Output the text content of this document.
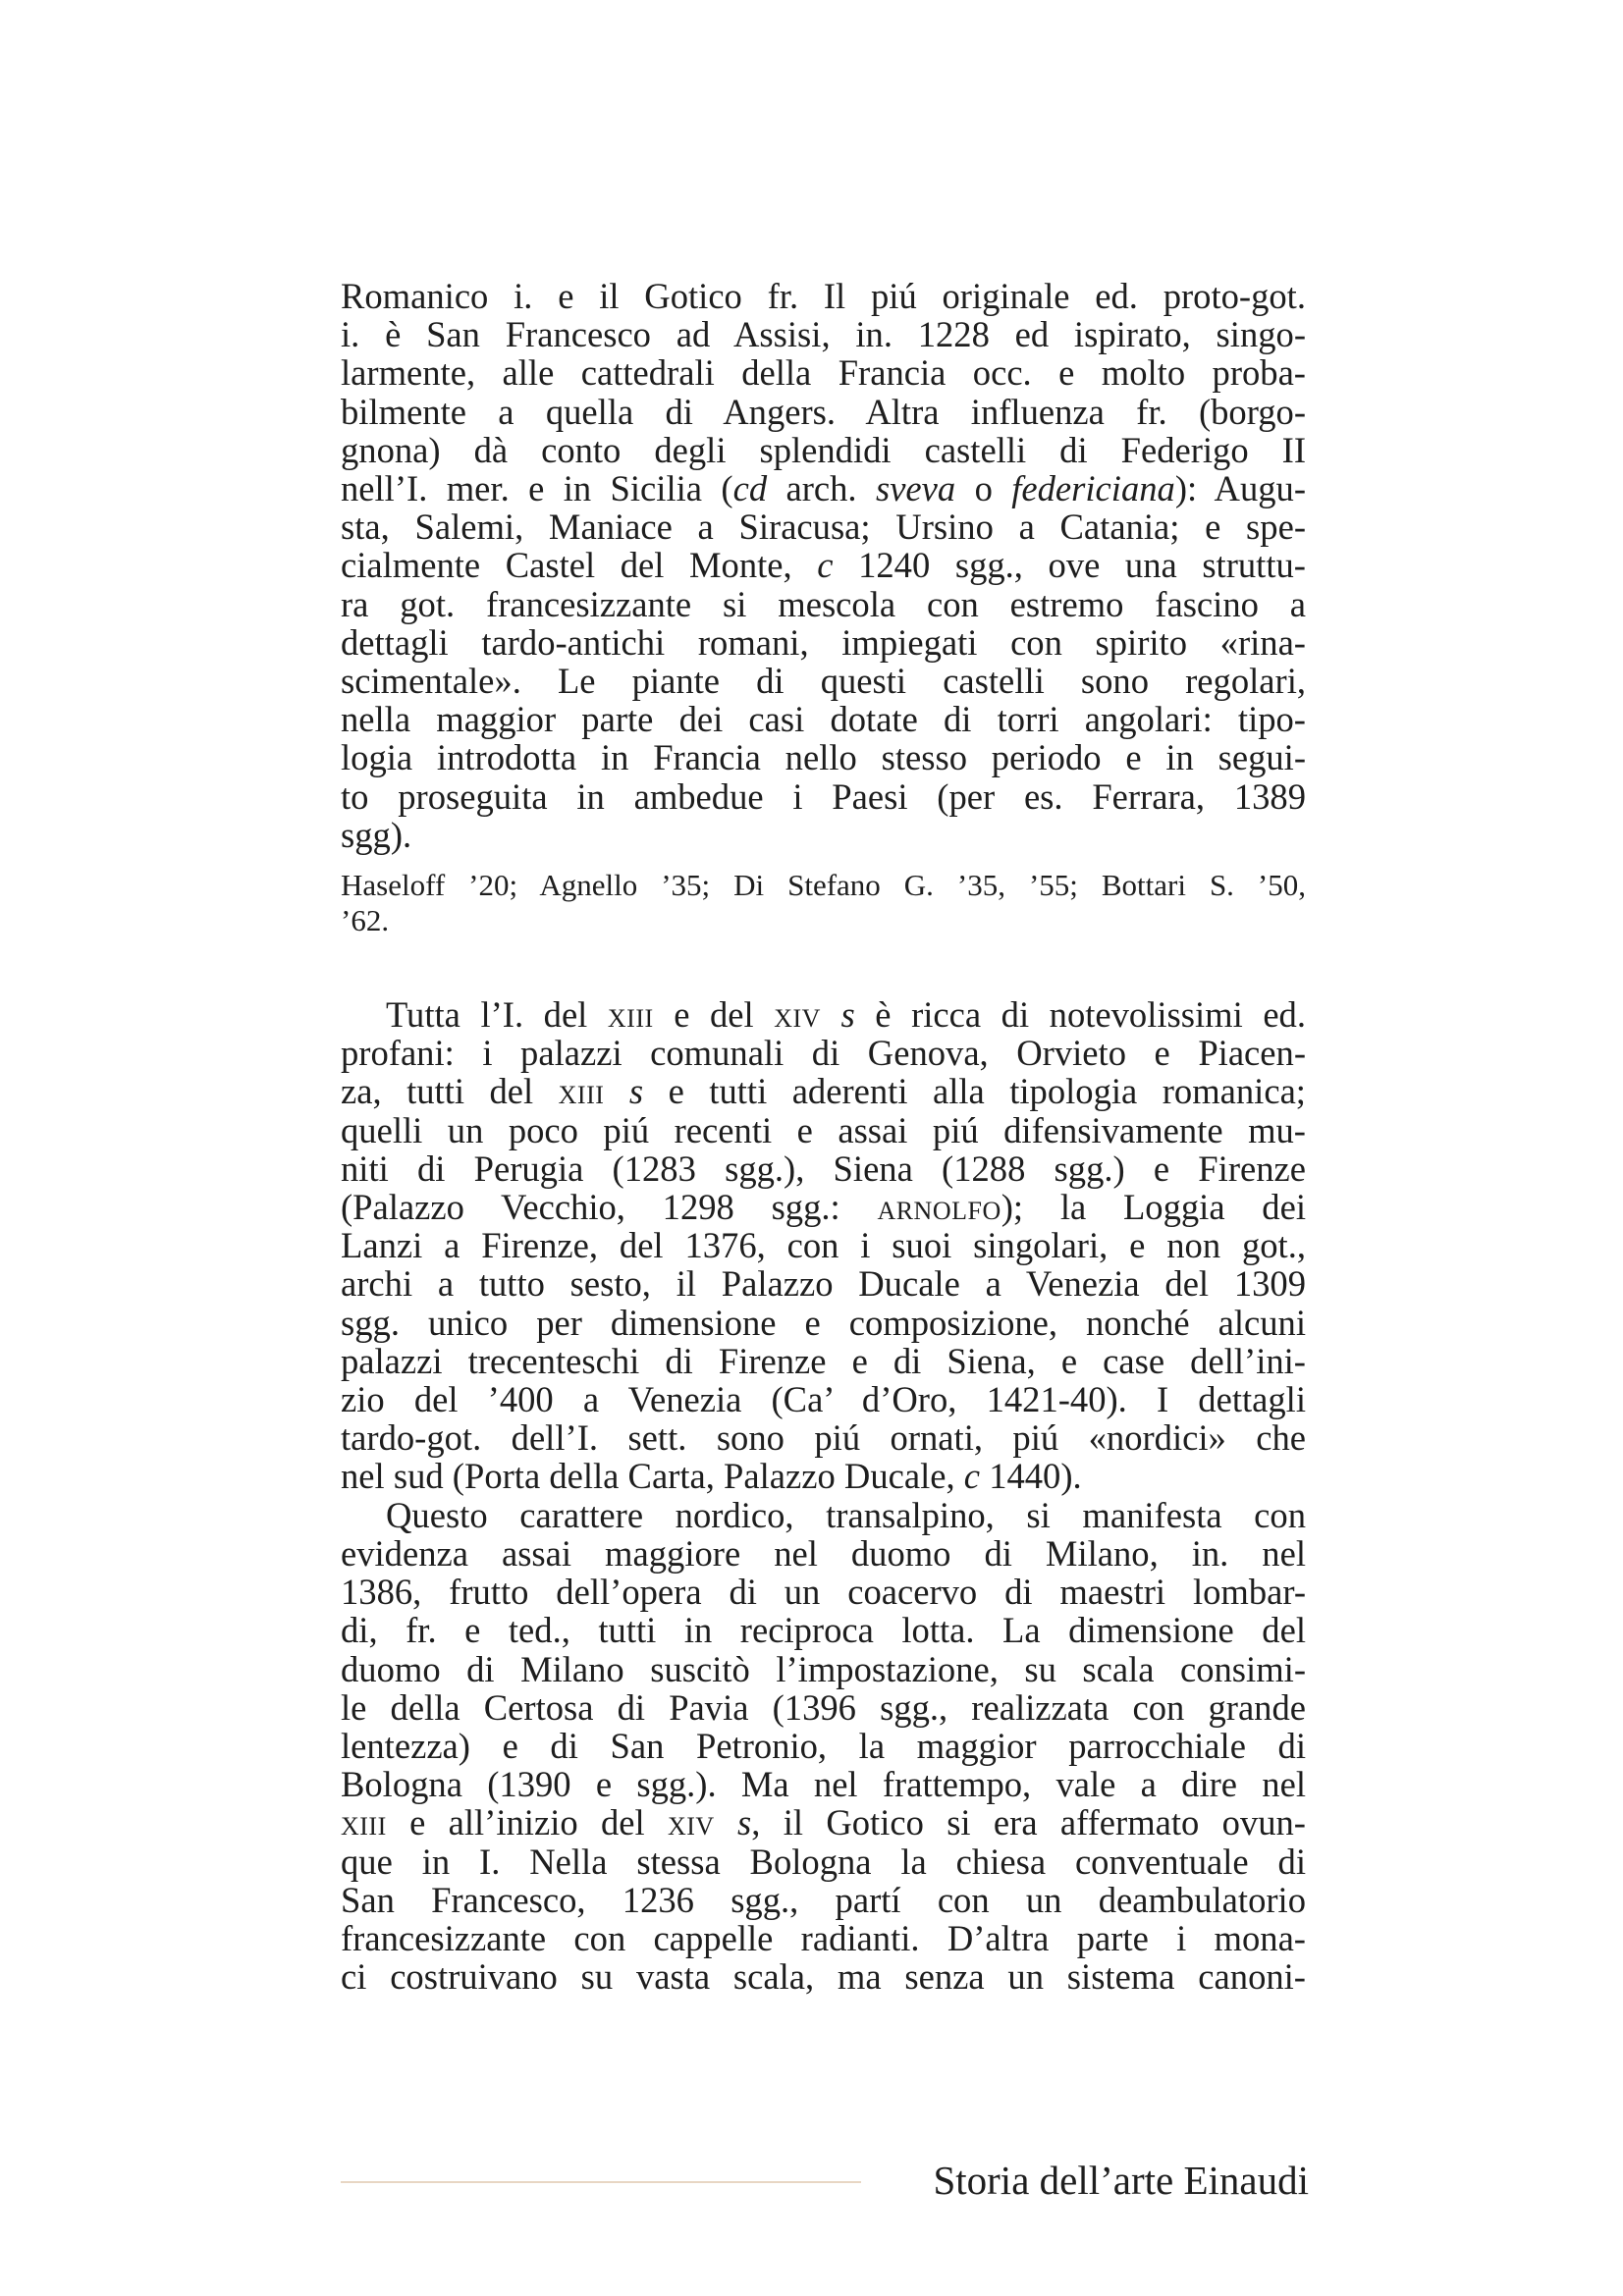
Romanico i. e il Gotico fr. Il piú originale ed. proto-got.
i. è San Francesco ad Assisi, in. 1228 ed ispirato, singo-
larmente, alle cattedrali della Francia occ. e molto proba-
bilmente a quella di Angers. Altra influenza fr. (borgo-
gnona) dà conto degli splendidi castelli di Federigo II
nell’I. mer. e in Sicilia (cd arch. sveva o federiciana): Augu-
sta, Salemi, Maniace a Siracusa; Ursino a Catania; e spe-
cialmente Castel del Monte, c 1240 sgg., ove una struttu-
ra got. francesizzante si mescola con estremo fascino a
dettagli tardo-antichi romani, impiegati con spirito «rina-
scimentale». Le piante di questi castelli sono regolari,
nella maggior parte dei casi dotate di torri angolari: tipo-
logia introdotta in Francia nello stesso periodo e in segui-
to proseguita in ambedue i Paesi (per es. Ferrara, 1389
sgg).
Haseloff ’20; Agnello ’35; Di Stefano G. ’35, ’55; Bottari S. ’50,
’62.
Tutta l’I. del xiii e del xiv s è ricca di notevolissimi ed.
profani: i palazzi comunali di Genova, Orvieto e Piacen-
za, tutti del xiii s e tutti aderenti alla tipologia romanica;
quelli un poco piú recenti e assai piú difensivamente mu-
niti di Perugia (1283 sgg.), Siena (1288 sgg.) e Firenze
(Palazzo Vecchio, 1298 sgg.: arnolfo); la Loggia dei
Lanzi a Firenze, del 1376, con i suoi singolari, e non got.,
archi a tutto sesto, il Palazzo Ducale a Venezia del 1309
sgg. unico per dimensione e composizione, nonché alcuni
palazzi trecenteschi di Firenze e di Siena, e case dell’ini-
zio del ’400 a Venezia (Ca’ d’Oro, 1421-40). I dettagli
tardo-got. dell’I. sett. sono piú ornati, piú «nordici» che
nel sud (Porta della Carta, Palazzo Ducale, c 1440).
Questo carattere nordico, transalpino, si manifesta con
evidenza assai maggiore nel duomo di Milano, in. nel
1386, frutto dell’opera di un coacervo di maestri lombar-
di, fr. e ted., tutti in reciproca lotta. La dimensione del
duomo di Milano suscitò l’impostazione, su scala consimi-
le della Certosa di Pavia (1396 sgg., realizzata con grande
lentezza) e di San Petronio, la maggior parrocchiale di
Bologna (1390 e sgg.). Ma nel frattempo, vale a dire nel
xiii e all’inizio del xiv s, il Gotico si era affermato ovun-
que in I. Nella stessa Bologna la chiesa conventuale di
San Francesco, 1236 sgg., partí con un deambulatorio
francesizzante con cappelle radianti. D’altra parte i mona-
ci costruivano su vasta scala, ma senza un sistema canoni-
Storia dell’arte Einaudi
